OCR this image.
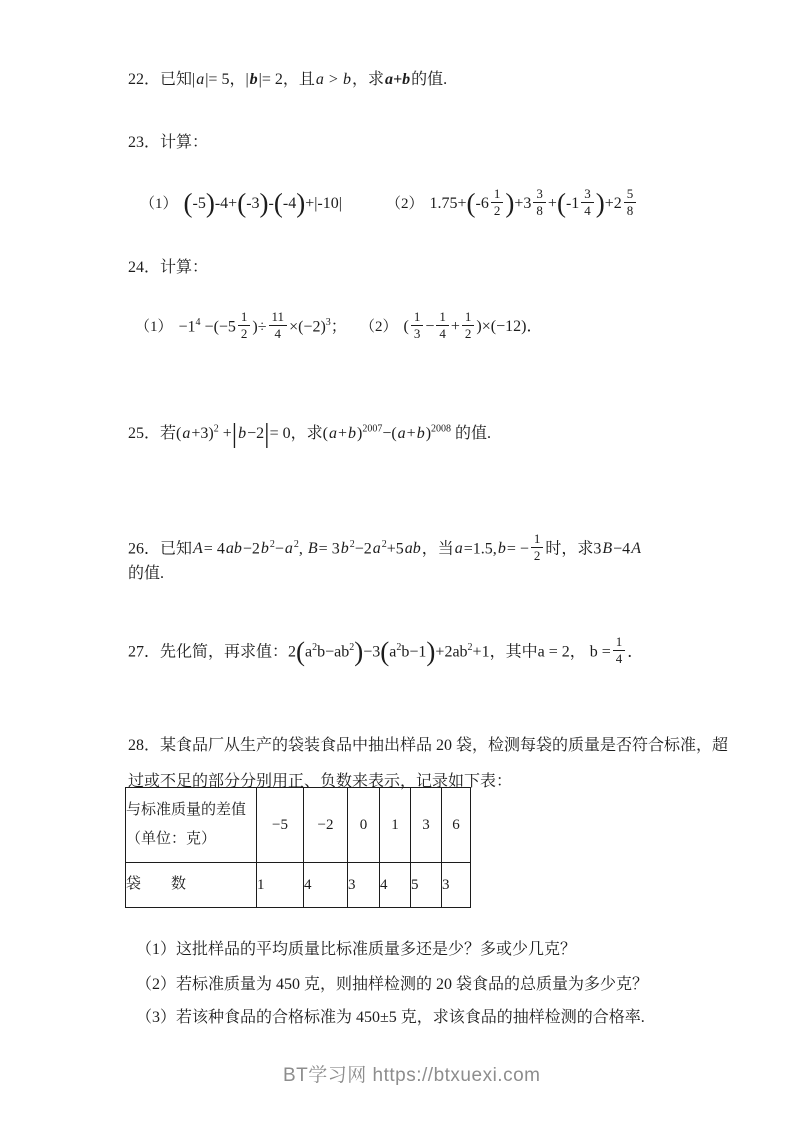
22．已知|a|= 5，|b|= 2，且a > b，求a+b的值.
23．计算：
（1） (-5)-4+(-3)-(-4)+|-10|	（2） $1.75+(-6 \frac{1}{2} )+3 \frac{3}{8} +(-1 \frac{3}{4} )+2 \frac{5}{8}$
24．计算：
$(1) -1^4 -(-5 \frac{1}{2}$ )÷ $\frac{11}{4} \times(-2)^3$； （2） ( $\frac{1}{3} - \frac{1}{4} + \frac{1}{2} )\times(-12)$．
25．若$(a+3)^2 +|b-2|= 0$，求$(a+b)^{2007}-(a+b)^{2008}$ 的值.
26．已知$A= 4ab-2b^2-a^2$, $B= 3b^2-2a^2+5ab$，当$a=1.5,b= - \frac{1}{2}$ 时，求3B−4A
的值.
27．先化简，再求值：$2(a^2b-ab^2)-3(a^2b-1)+2ab^2+1$，其中a = 2， $b = \frac{1}{4}$ ．
28．某食品厂从生产的袋装食品中抽出样品 20 袋，检测每袋的质量是否符合标准，超
过或不足的部分分别用正、负数来表示，记录如下表：
与标准质量的差值
（单位：克）	−5	−2	0	1	3	6
袋　　数	1	4	3	4	5	3
（1）这批样品的平均质量比标准质量多还是少？多或少几克？
（2）若标准质量为 450 克，则抽样检测的 20 袋食品的总质量为多少克？
（3）若该种食品的合格标准为 450±5 克，求该食品的抽样检测的合格率.
BT学习网 https://btxuexi.com
